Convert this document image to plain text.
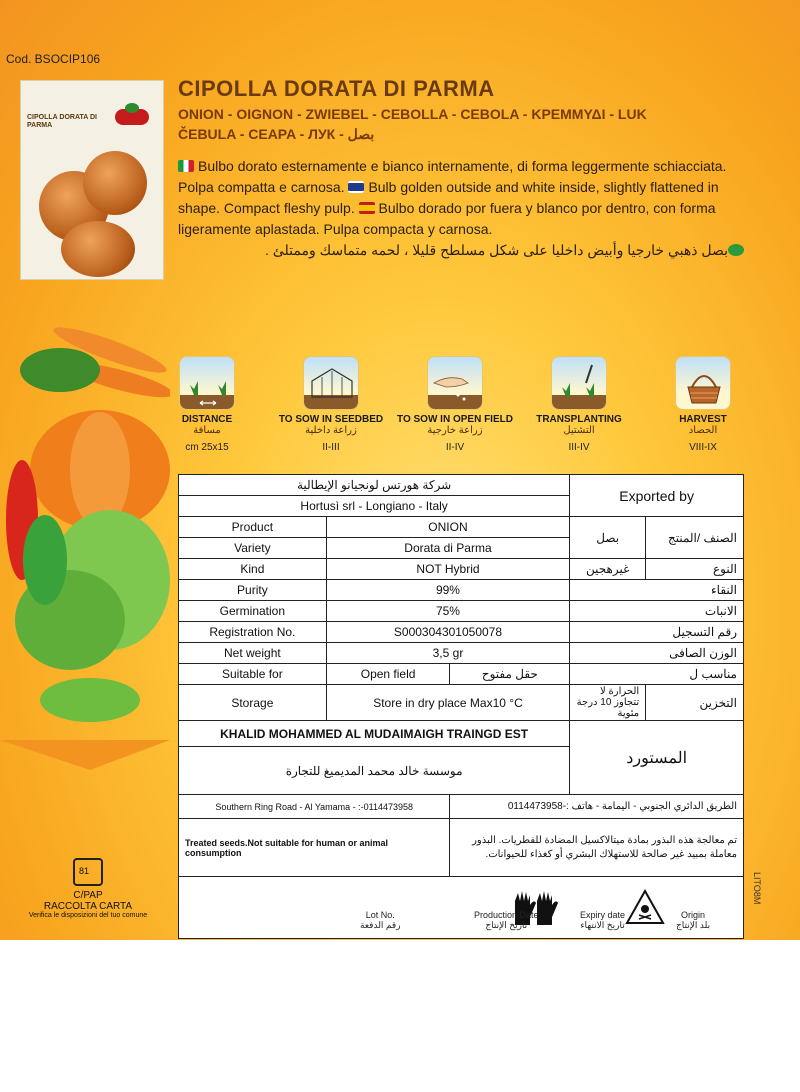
Cod. BSOCIP106
CIPOLLA DORATA DI PARMA
CIPOLLA DORATA DI PARMA
ONION - OIGNON - ZWIEBEL - CEBOLLA - CEBOLA - ΚΡΕΜΜΥΔΙ - LUK
ČEBULA - CEAPA - ЛУК - بصل
Bulbo dorato esternamente e bianco internamente, di forma leggermente schiacciata. Polpa compatta e carnosa. Bulb golden outside and white inside, slightly flattened in shape. Compact fleshy pulp. Bulbo dorado por fuera y blanco por dentro, con forma ligeramente aplastada. Pulpa compacta y carnosa.
بصل ذهبي خارجيا وأبيض داخليا على شكل مسلطح قليلا ، لحمه متماسك وممتلئ .
DISTANCE
مسافة
cm 25x15
TO SOW IN SEEDBED
زراعة داخلية
II-III
TO SOW IN OPEN FIELD
زراعة خارجية
II-IV
TRANSPLANTING
التشتيل
III-IV
HARVEST
الحصاد
VIII-IX
شركة هورتس لونجيانو الإيطالية			Exported by	
Hortusì srl - Longiano - Italy				
Product	ONION		بصل	الصنف /المنتج
Variety	Dorata di Parma			
Kind	NOT Hybrid		غيرهجين	النوع
Purity	99%		النقاء	
Germination	75%		الانبات	
Registration No.	S000304301050078		رقم التسجيل	
Net weight	3,5 gr		الوزن الصافى	
Suitable for	Open field	حقل مفتوح	مناسب ل	
Storage	Store in dry place Max10 °C		الحرارة لا تتجاوز 10 درجة مئوية	التخزين
KHALID MOHAMMED AL MUDAIMAIGH TRAINGD EST			المستورد	
موسسة خالد محمد المديميغ للتجارة				
Southern Ring Road - Al Yamama - :-0114473958		الطريق الدائري الجنوبي - اليمامة - هاتف :-0114473958		
Treated seeds.Not suitable for human or animal consumption		تم معالجة هذه البذور بمادة ميتالاكسيل المضادة للفطريات. البذور معاملة بمبيد غير صالحة للاستهلاك البشري أو كغذاء للحيوانات.		

81
C/PAP
RACCOLTA CARTA
Verifica le disposizioni del tuo comune	Lot No.
رقم الدفعة
Production Date
تاريخ الإنتاج
Expiry date
تاريخ الانتهاء
Origin
بلد الإنتاج
LITO8M
